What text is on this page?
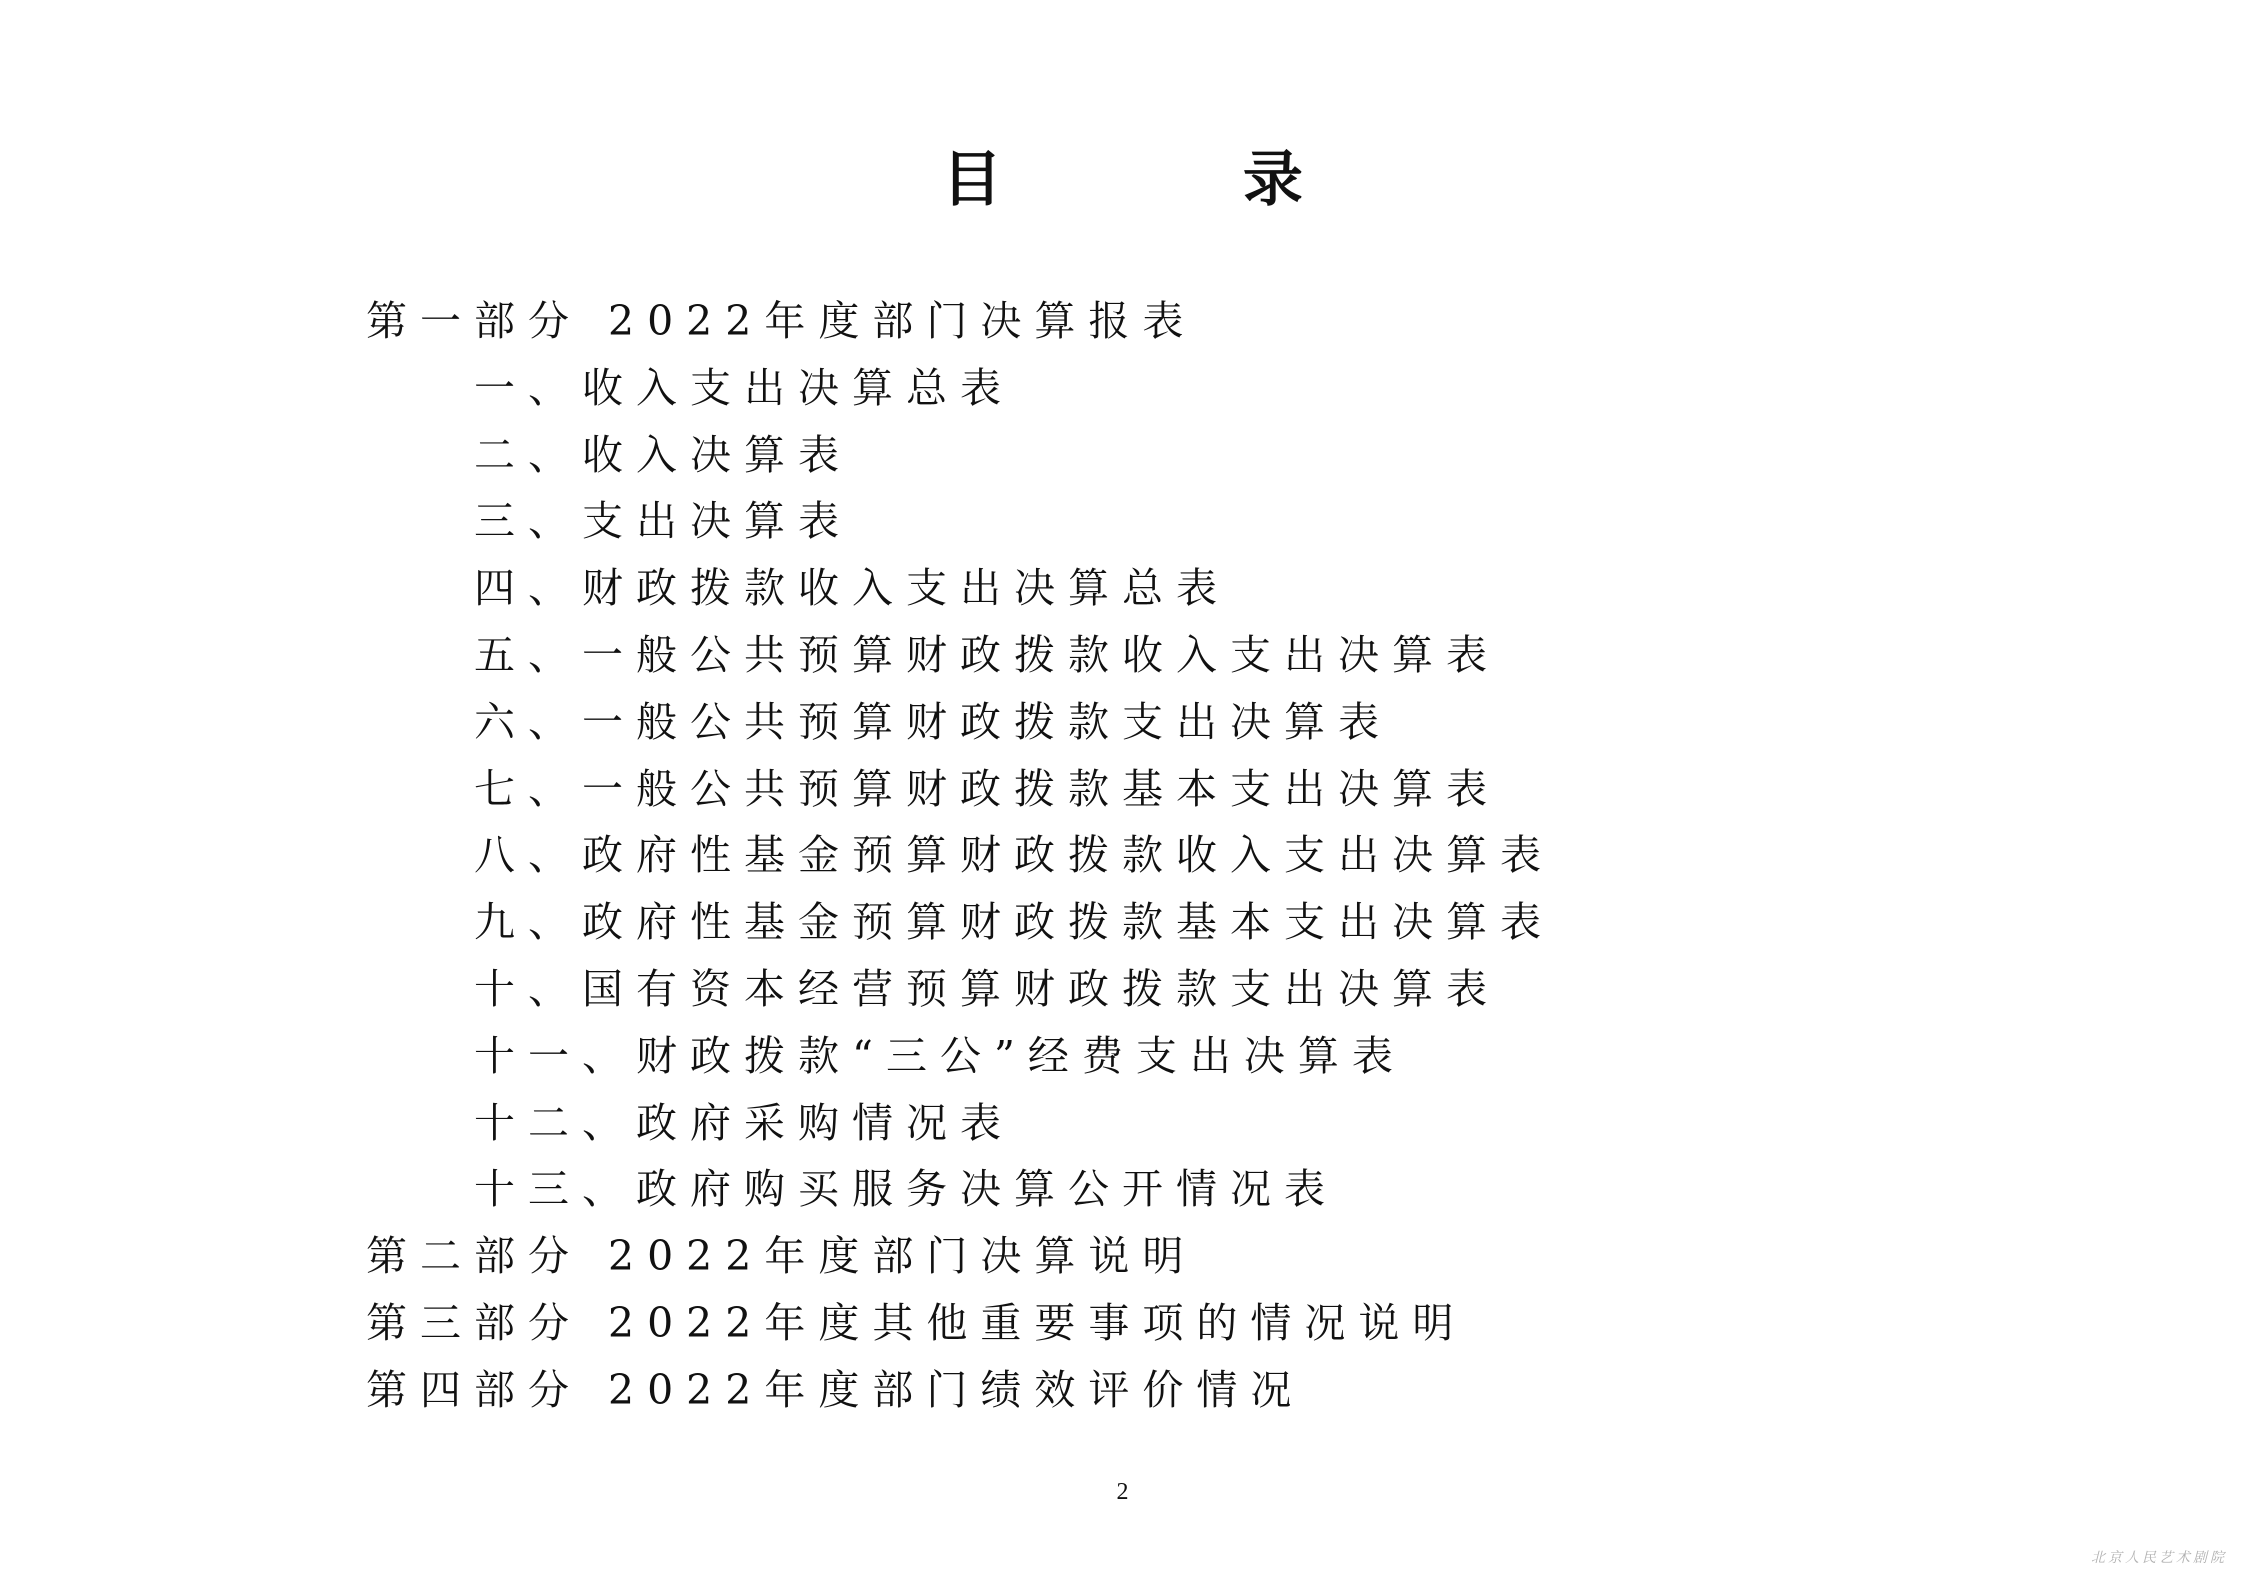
目 录
第一部分 2022年度部门决算报表
一、收入支出决算总表
二、收入决算表
三、支出决算表
四、财政拨款收入支出决算总表
五、一般公共预算财政拨款收入支出决算表
六、一般公共预算财政拨款支出决算表
七、一般公共预算财政拨款基本支出决算表
八、政府性基金预算财政拨款收入支出决算表
九、政府性基金预算财政拨款基本支出决算表
十、国有资本经营预算财政拨款支出决算表
十一、财政拨款“三公”经费支出决算表
十二、政府采购情况表
十三、政府购买服务决算公开情况表
第二部分 2022年度部门决算说明
第三部分 2022年度其他重要事项的情况说明
第四部分 2022年度部门绩效评价情况
2
北京人民艺术剧院
